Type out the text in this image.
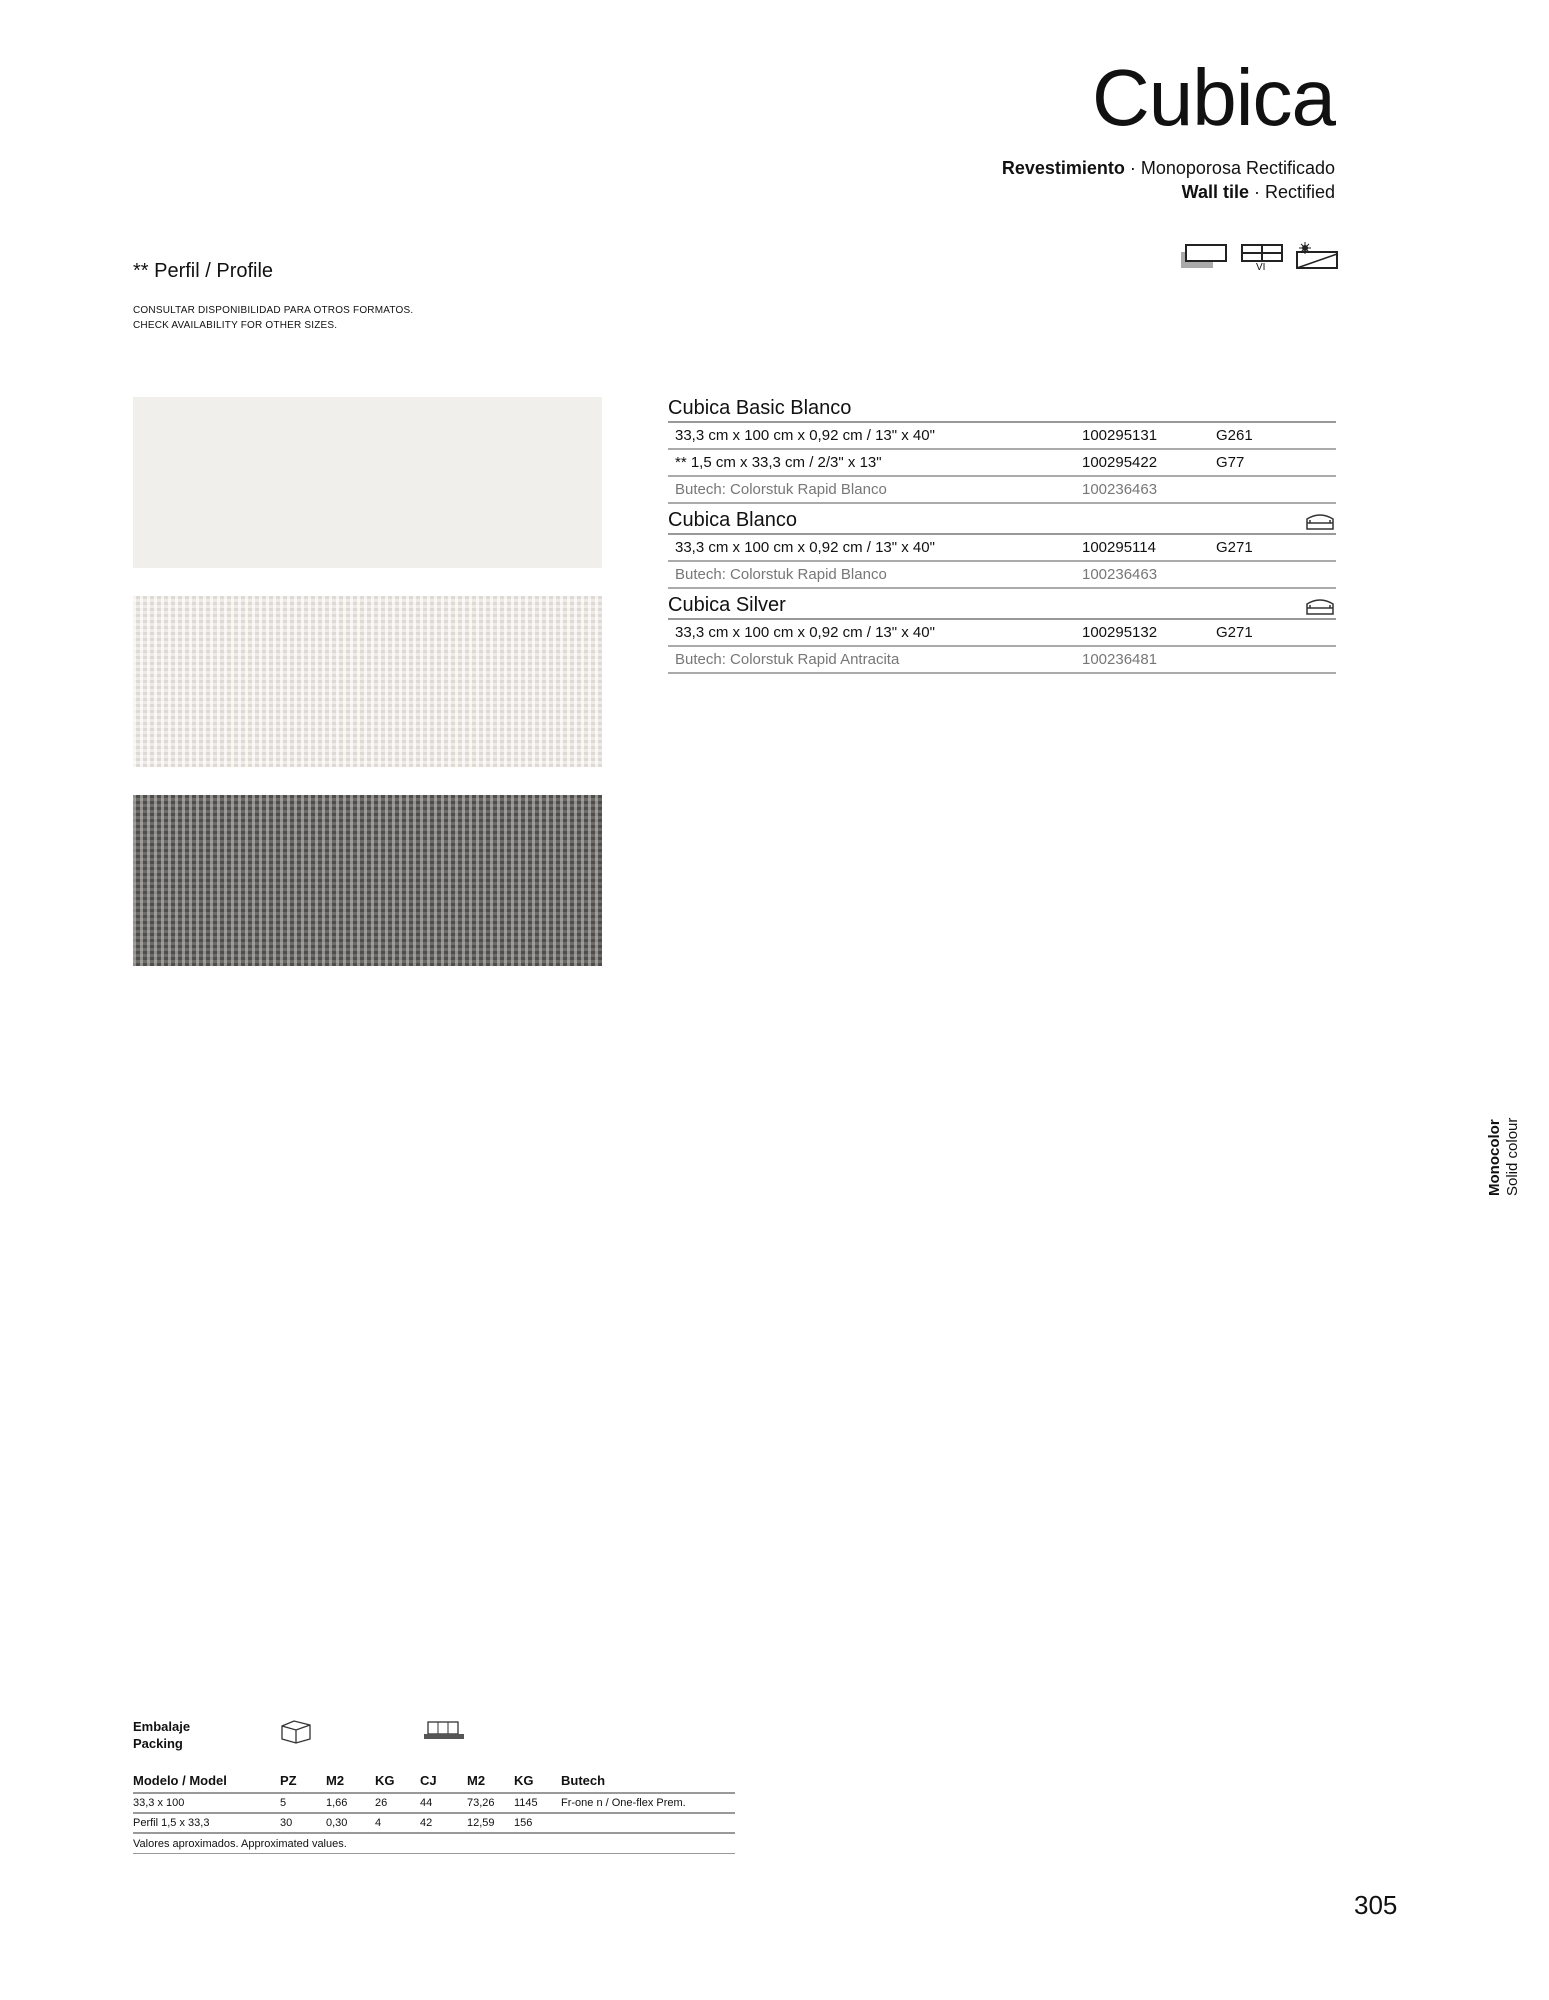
Cubica
Revestimiento · Monoporosa Rectificado
Wall tile · Rectified
VI
** Perfil / Profile
CONSULTAR DISPONIBILIDAD PARA OTROS FORMATOS.
CHECK AVAILABILITY FOR OTHER SIZES.
Cubica Basic Blanco
33,3 cm x 100 cm x 0,92 cm / 13" x 40"	100295131	G261
** 1,5 cm x 33,3 cm / 2/3" x 13"	100295422	G77
Butech: Colorstuk Rapid Blanco	100236463
Cubica Blanco
33,3 cm x 100 cm x 0,92 cm / 13" x 40"	100295114	G271
Butech: Colorstuk Rapid Blanco	100236463
Cubica Silver
33,3 cm x 100 cm x 0,92 cm / 13" x 40"	100295132	G271
Butech: Colorstuk Rapid Antracita	100236481
Monocolor Solid colour
Embalaje
Packing
Modelo / Model	PZ	M2	KG	CJ	M2	KG	Butech
33,3 x 100	5	1,66	26	44	73,26	1145	Fr-one n / One-flex Prem.
Perfil 1,5 x 33,3	30	0,30	4	42	12,59	156
Valores aproximados. Approximated values.
305
